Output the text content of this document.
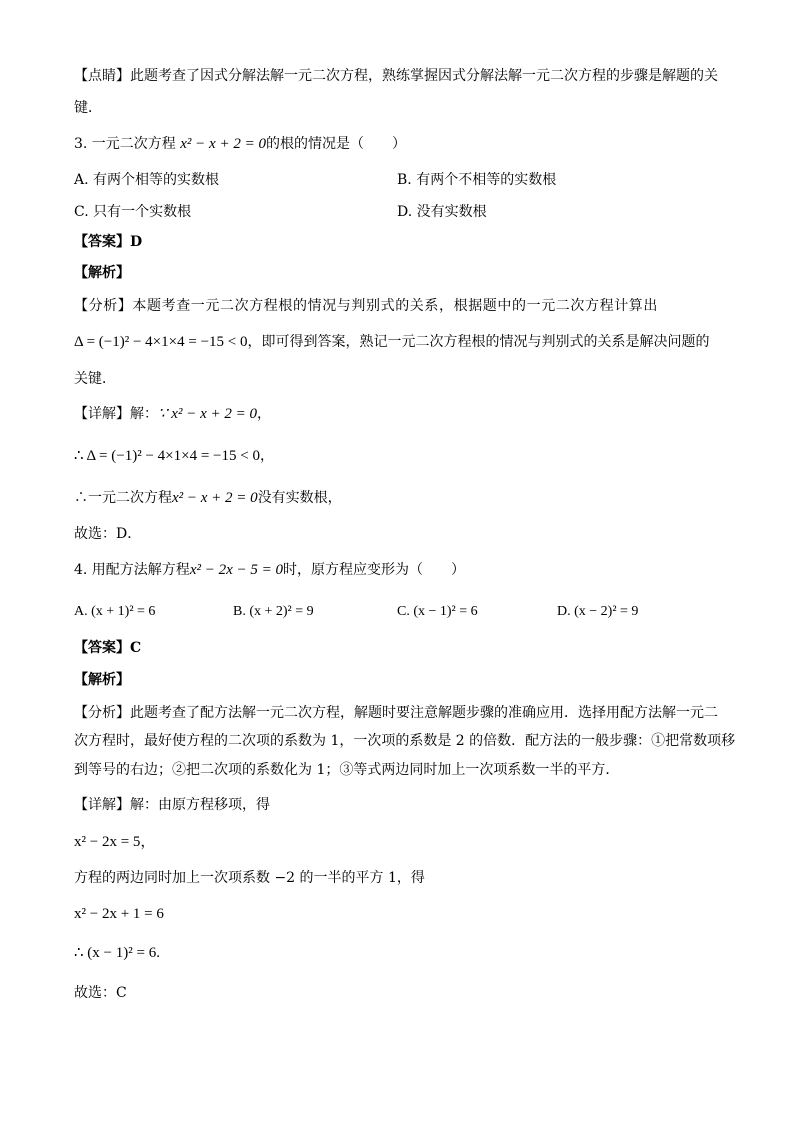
【点睛】此题考查了因式分解法解一元二次方程，熟练掌握因式分解法解一元二次方程的步骤是解题的关
键．
3. 一元二次方程 x² − x + 2 = 0的根的情况是（　　）
A. 有两个相等的实数根	B. 有两个不相等的实数根
C. 只有一个实数根	D. 没有实数根
【答案】D
【解析】
【分析】本题考查一元二次方程根的情况与判别式的关系，根据题中的一元二次方程计算出
Δ = (−1)² − 4×1×4 = −15 < 0，即可得到答案，熟记一元二次方程根的情况与判别式的关系是解决问题的
关键．
【详解】解：∵ x² − x + 2 = 0，
∴ Δ = (−1)² − 4×1×4 = −15 < 0，
∴一元二次方程x² − x + 2 = 0没有实数根，
故选：D．
4. 用配方法解方程x² − 2x − 5 = 0时，原方程应变形为（　　）
A. (x + 1)² = 6	B. (x + 2)² = 9	C. (x − 1)² = 6	D. (x − 2)² = 9
【答案】C
【解析】
【分析】此题考查了配方法解一元二次方程，解题时要注意解题步骤的准确应用．选择用配方法解一元二
次方程时，最好使方程的二次项的系数为 1，一次项的系数是 2 的倍数．配方法的一般步骤：①把常数项移
到等号的右边；②把二次项的系数化为 1；③等式两边同时加上一次项系数一半的平方．
【详解】解：由原方程移项，得
x² − 2x = 5，
方程的两边同时加上一次项系数 −2 的一半的平方 1，得
x² − 2x + 1 = 6
∴ (x − 1)² = 6.
故选：C
